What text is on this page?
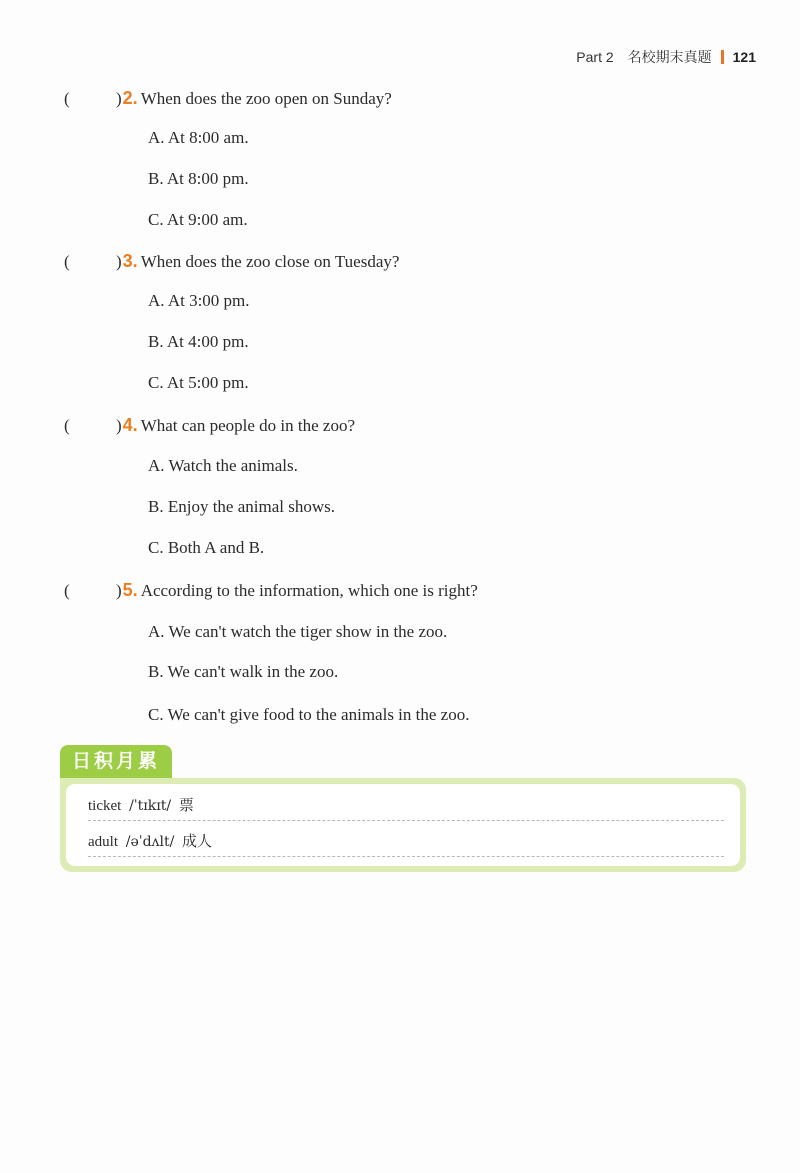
Part 2 名校期末真题 121
(	) 2. When does the zoo open on Sunday?
A. At 8:00 am.
B. At 8:00 pm.
C. At 9:00 am.
(	) 3. When does the zoo close on Tuesday?
A. At 3:00 pm.
B. At 4:00 pm.
C. At 5:00 pm.
(	) 4. What can people do in the zoo?
A. Watch the animals.
B. Enjoy the animal shows.
C. Both A and B.
(	) 5. According to the information, which one is right?
A. We can't watch the tiger show in the zoo.
B. We can't walk in the zoo.
C. We can't give food to the animals in the zoo.
日积月累
ticket /ˈtɪkɪt/ 票
adult /əˈdʌlt/ 成人
